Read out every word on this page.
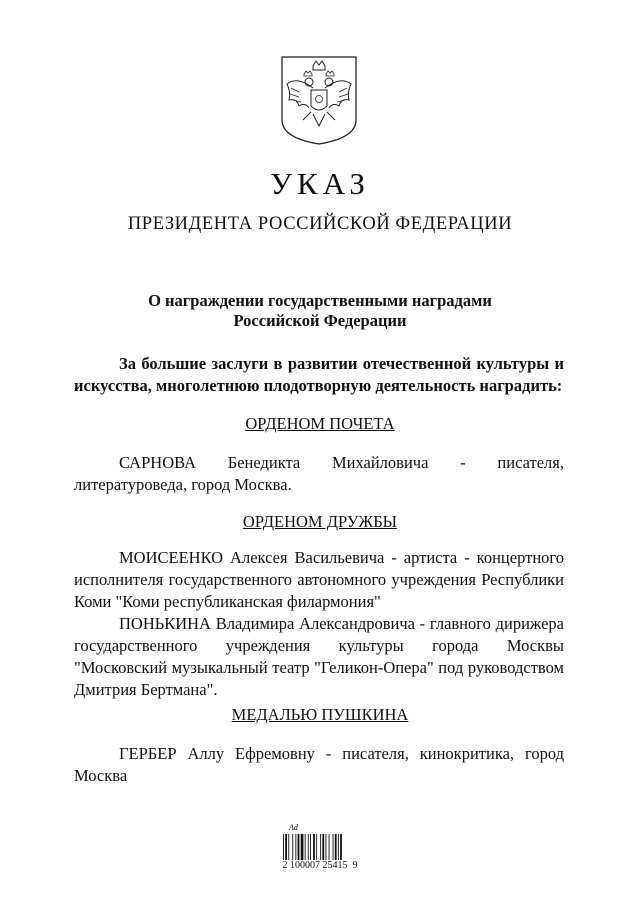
УКАЗ
ПРЕЗИДЕНТА РОССИЙСКОЙ ФЕДЕРАЦИИ
О награждении государственными наградами
Российской Федерации
За большие заслуги в развитии отечественной культуры и искусства, многолетнюю плодотворную деятельность наградить:
ОРДЕНОМ ПОЧЕТА
САРНОВА Бенедикта Михайловича - писателя, литературоведа, город Москва.
ОРДЕНОМ ДРУЖБЫ
МОИСЕЕНКО Алексея Васильевича - артиста - концертного исполнителя государственного автономного учреждения Республики Коми "Коми республиканская филармония"
ПОНЬКИНА Владимира Александровича - главного дирижера государственного учреждения культуры города Москвы "Московский музыкальный театр "Геликон-Опера" под руководством Дмитрия Бертмана".
МЕДАЛЬЮ ПУШКИНА
ГЕРБЕР Аллу Ефремовну - писателя, кинокритика, город Москва
Ad
2 100007 25415  9
